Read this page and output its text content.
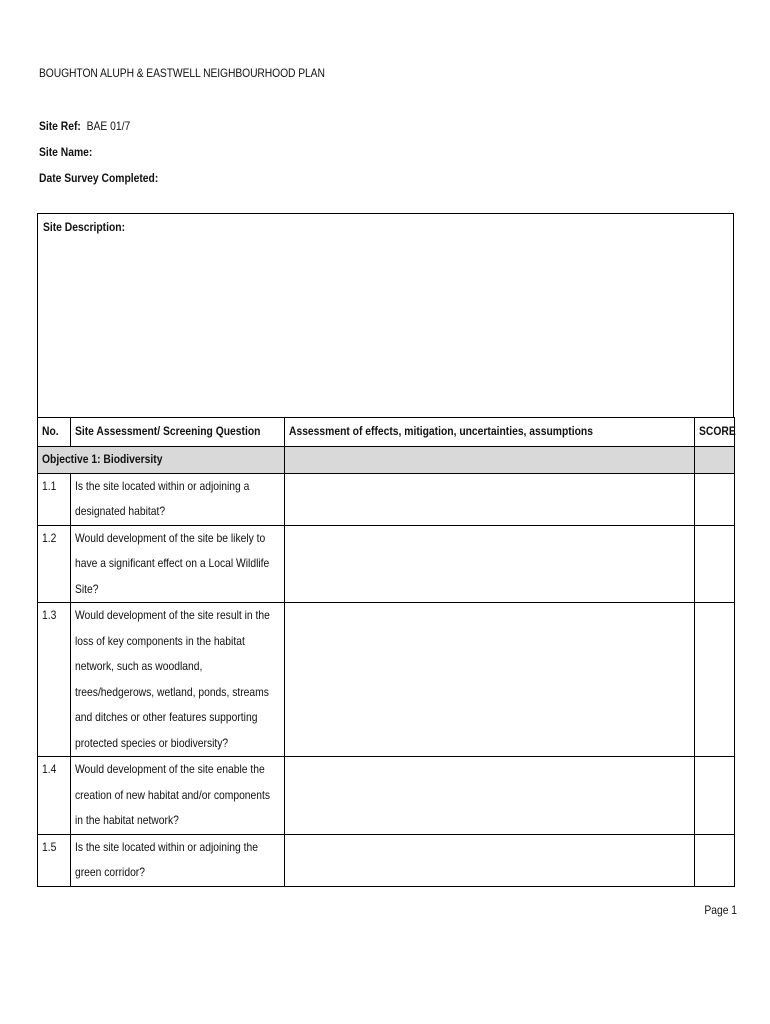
BOUGHTON ALUPH & EASTWELL NEIGHBOURHOOD PLAN
Site Ref: BAE 01/7
Site Name:
Date Survey Completed:
Site Description:
No.	Site Assessment/ Screening Question	Assessment of effects, mitigation, uncertainties, assumptions	SCORE
Objective 1: Biodiversity			
1.1	Is the site located within or adjoining a designated habitat?		
1.2	Would development of the site be likely to have a significant effect on a Local Wildlife Site?		
1.3	Would development of the site result in the loss of key components in the habitat network, such as woodland, trees/hedgerows, wetland, ponds, streams and ditches or other features supporting protected species or biodiversity?		
1.4	Would development of the site enable the creation of new habitat and/or components in the habitat network?		
1.5	Is the site located within or adjoining the green corridor?		
Page 1
